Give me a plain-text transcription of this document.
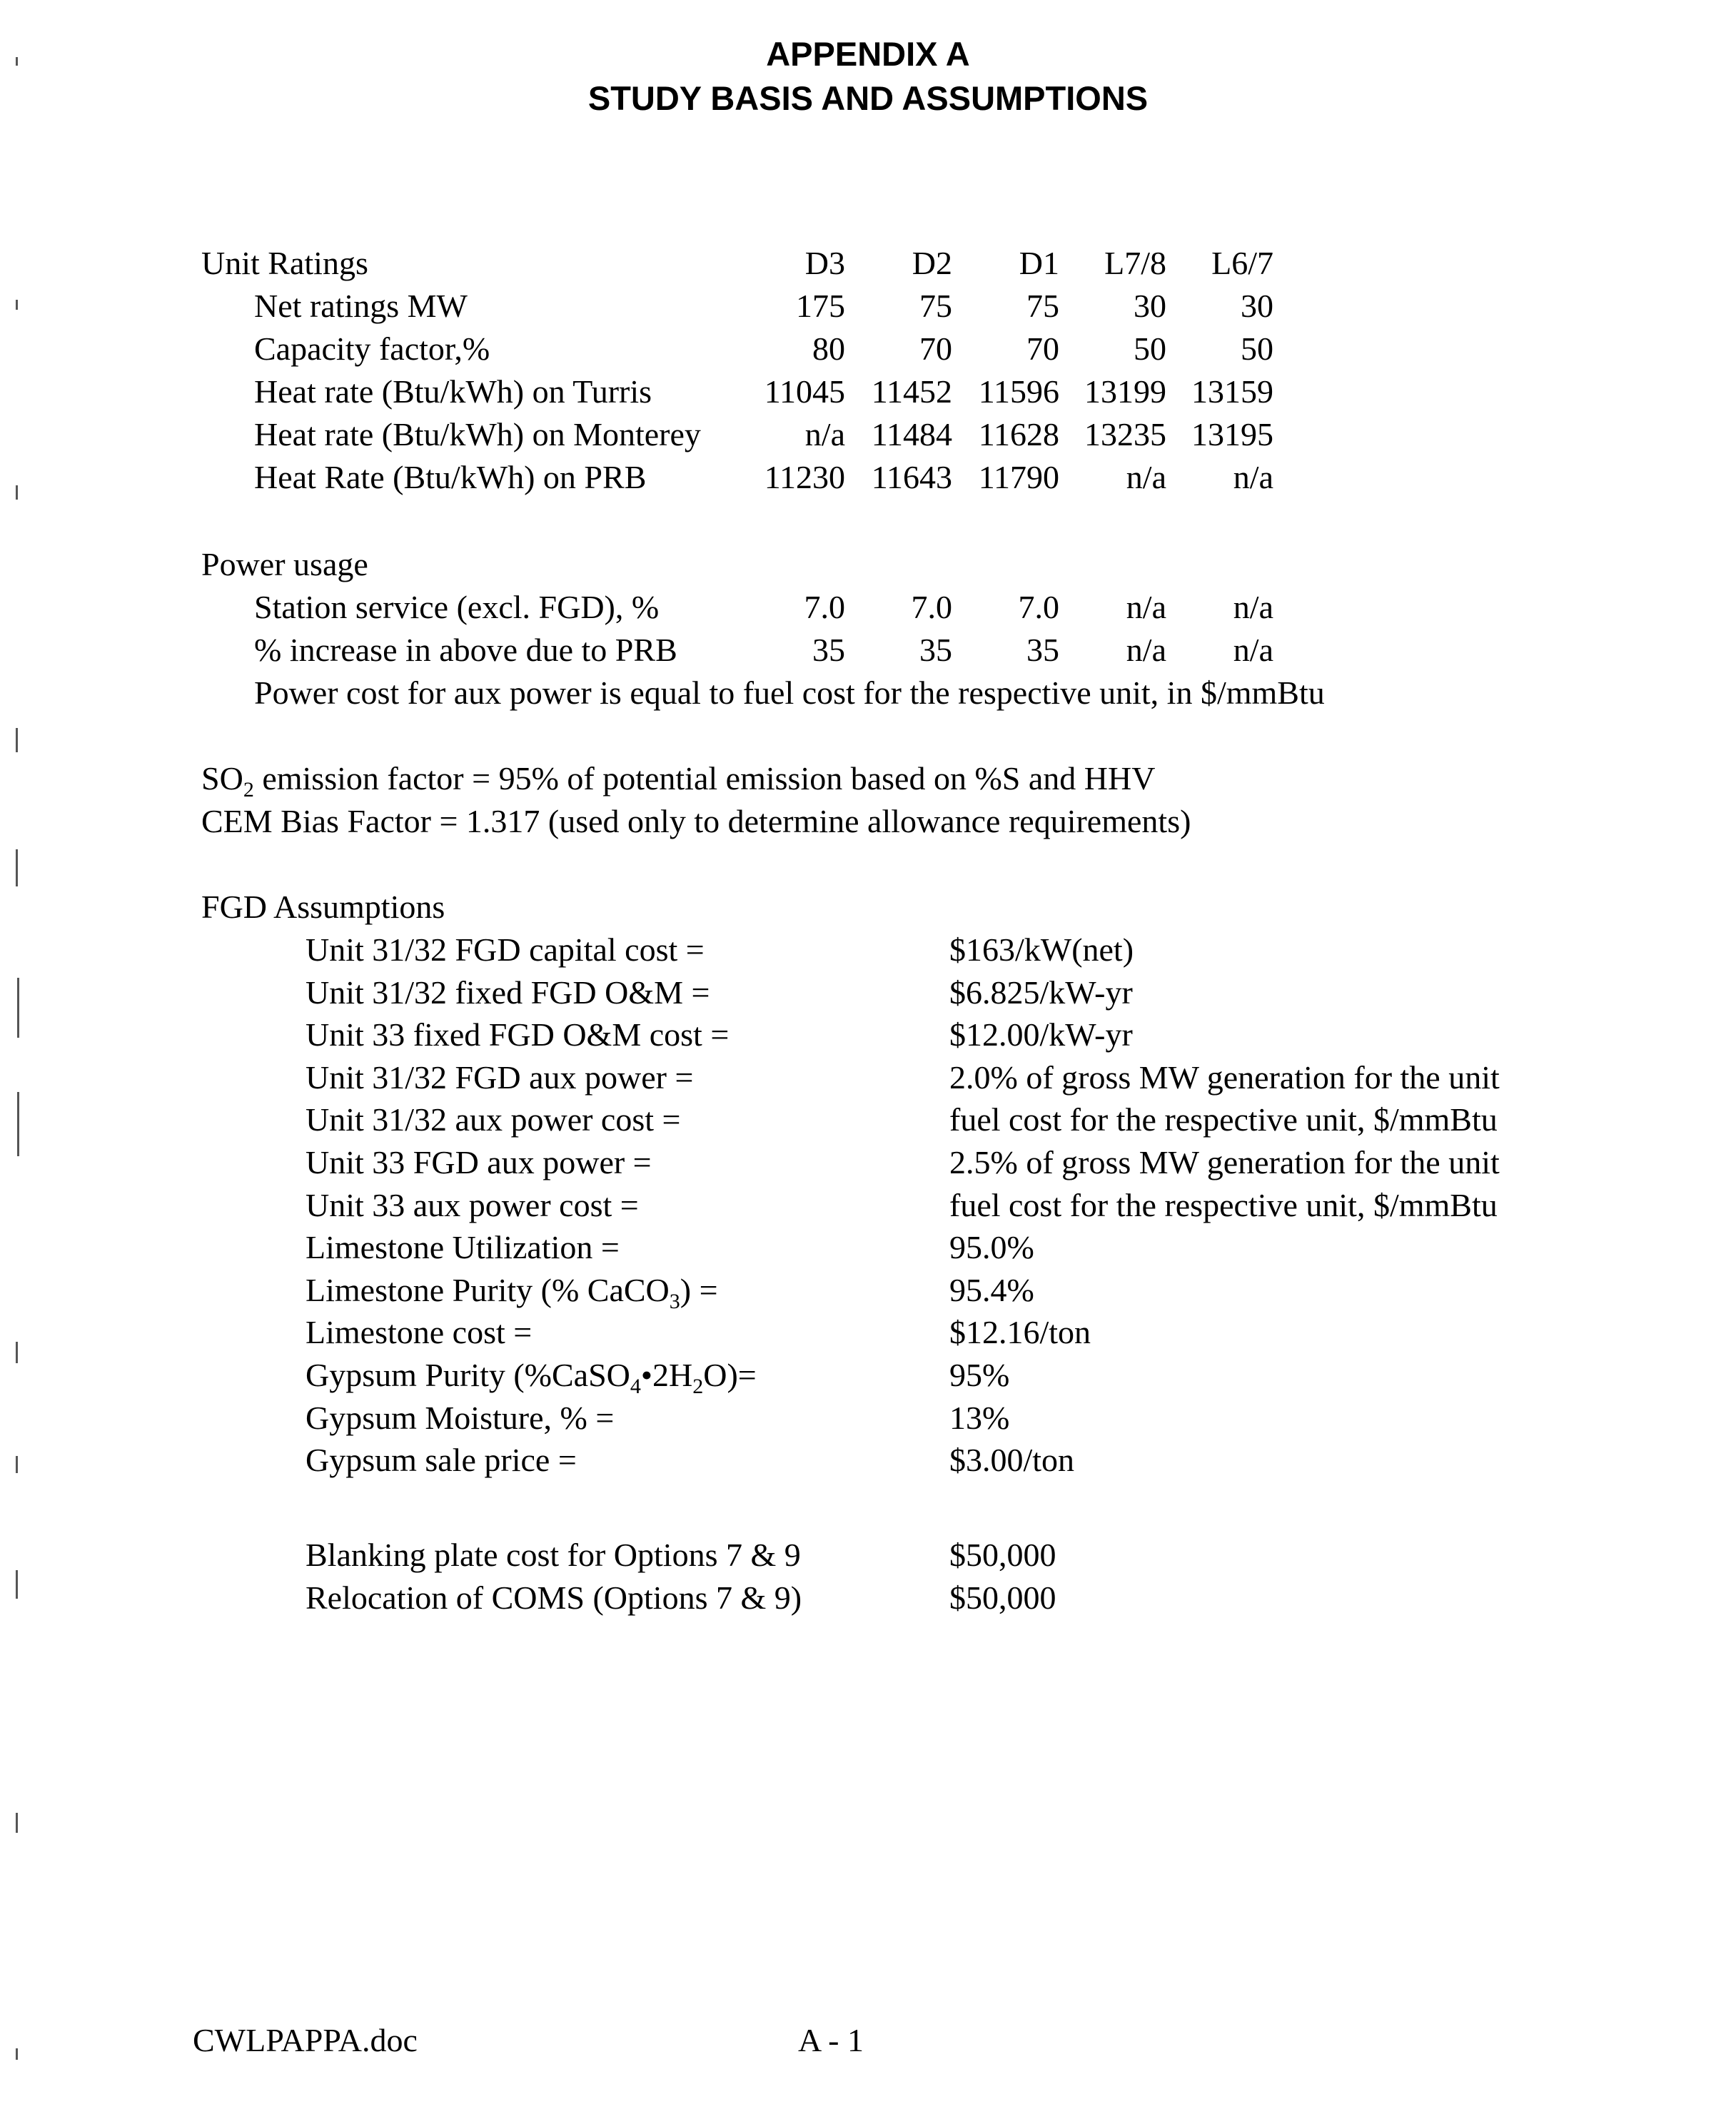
APPENDIX A
STUDY BASIS AND ASSUMPTIONS
Unit Ratings	D3	D2	D1	L7/8	L6/7
Net ratings MW	175	75	75	30	30
Capacity factor,%	80	70	70	50	50
Heat rate (Btu/kWh) on Turris	11045 11452 11596 13199 13159
Heat rate (Btu/kWh) on Monterey	n/a 11484 11628 13235 13195
Heat Rate (Btu/kWh) on PRB	11230 11643 11790	n/a	n/a
Power usage
Station service (excl. FGD), %	7.0	7.0	7.0	n/a	n/a
% increase in above due to PRB	35	35	35	n/a	n/a
Power cost for aux power is equal to fuel cost for the respective unit, in $/mmBtu
$SO_2$ emission factor = 95% of potential emission based on %S and HHV
CEM Bias Factor = 1.317 (used only to determine allowance requirements)
FGD Assumptions
Unit 31/32 FGD capital cost =	$163/kW(net)
Unit 31/32 fixed FGD O&M =	$6.825/kW-yr
Unit 33 fixed FGD O&M cost =	$12.00/kW-yr
Unit 31/32 FGD aux power =	2.0% of gross MW generation for the unit
Unit 31/32 aux power cost =	fuel cost for the respective unit, $/mmBtu
Unit 33 FGD aux power =	2.5% of gross MW generation for the unit
Unit 33 aux power cost =	fuel cost for the respective unit, $/mmBtu
Limestone Utilization =	95.0%
Limestone Purity (% CaCO$_3$) =	95.4%
Limestone cost =	$12.16/ton
Gypsum Purity $(\%CaSO_4•2H_2O)=$	95%
Gypsum Moisture, % =	13%
Gypsum sale price =	$3.00/ton
Blanking plate cost for Options 7 & 9	$50,000
Relocation of COMS (Options 7 & 9)	$50,000
CWLPAPPA.doc	A - 1
